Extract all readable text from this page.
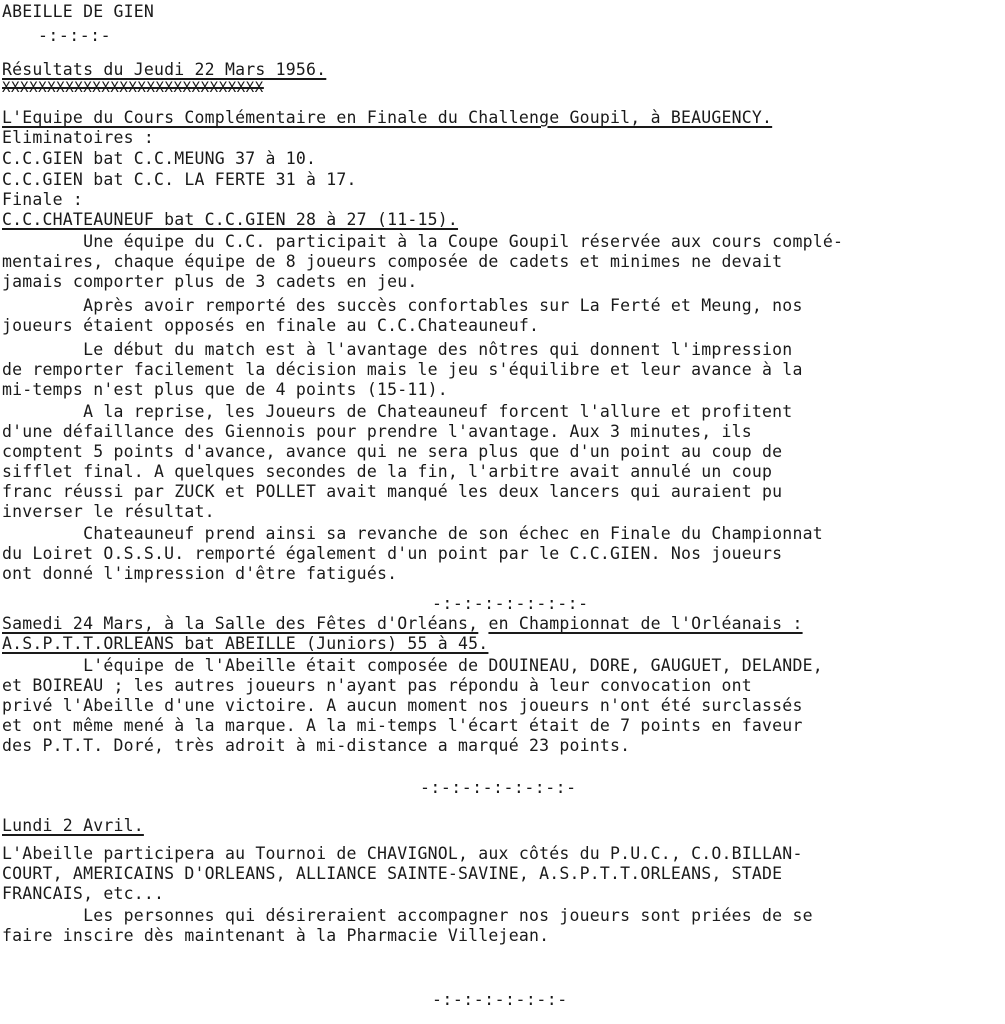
ABEILLE DE GIEN
-:-:-:-
Résultats du Jeudi 22 Mars 1956.
XXXXXXXXXXXXXXXXXXXXXXXXXXXXX
L'Equipe du Cours Complémentaire en Finale du Challenge Goupil, à BEAUGENCY.
Eliminatoires :
C.C.GIEN bat C.C.MEUNG 37 à 10.
C.C.GIEN bat C.C. LA FERTE 31 à 17.
Finale :
C.C.CHATEAUNEUF bat C.C.GIEN 28 à 27 (11-15).
Une équipe du C.C. participait à la Coupe Goupil réservée aux cours complé-
mentaires, chaque équipe de 8 joueurs composée de cadets et minimes ne devait
jamais comporter plus de 3 cadets en jeu.
Après avoir remporté des succès confortables sur La Ferté et Meung, nos
joueurs étaient opposés en finale au C.C.Chateauneuf.
Le début du match est à l'avantage des nôtres qui donnent l'impression
de remporter facilement la décision mais le jeu s'équilibre et leur avance à la
mi-temps n'est plus que de 4 points (15-11).
A la reprise, les Joueurs de Chateauneuf forcent l'allure et profitent
d'une défaillance des Giennois pour prendre l'avantage. Aux 3 minutes, ils
comptent 5 points d'avance, avance qui ne sera plus que d'un point au coup de
sifflet final. A quelques secondes de la fin, l'arbitre avait annulé un coup
franc réussi par ZUCK et POLLET avait manqué les deux lancers qui auraient pu
inverser le résultat.
Chateauneuf prend ainsi sa revanche de son échec en Finale du Championnat
du Loiret O.S.S.U. remporté également d'un point par le C.C.GIEN. Nos joueurs
ont donné l'impression d'être fatigués.
-:-:-:-:-:-:-:-
Samedi 24 Mars, à la Salle des Fêtes d'Orléans, en Championnat de l'Orléanais :
A.S.P.T.T.ORLEANS bat ABEILLE (Juniors) 55 à 45.
L'équipe de l'Abeille était composée de DOUINEAU, DORE, GAUGUET, DELANDE,
et BOIREAU ; les autres joueurs n'ayant pas répondu à leur convocation ont
privé l'Abeille d'une victoire. A aucun moment nos joueurs n'ont été surclassés
et ont même mené à la marque. A la mi-temps l'écart était de 7 points en faveur
des P.T.T. Doré, très adroit à mi-distance a marqué 23 points.
-:-:-:-:-:-:-:-
Lundi 2 Avril.
L'Abeille participera au Tournoi de CHAVIGNOL, aux côtés du P.U.C., C.O.BILLAN-
COURT, AMERICAINS D'ORLEANS, ALLIANCE SAINTE-SAVINE, A.S.P.T.T.ORLEANS, STADE
FRANCAIS, etc...
Les personnes qui désireraient accompagner nos joueurs sont priées de se
faire inscire dès maintenant à la Pharmacie Villejean.
-:-:-:-:-:-:-
